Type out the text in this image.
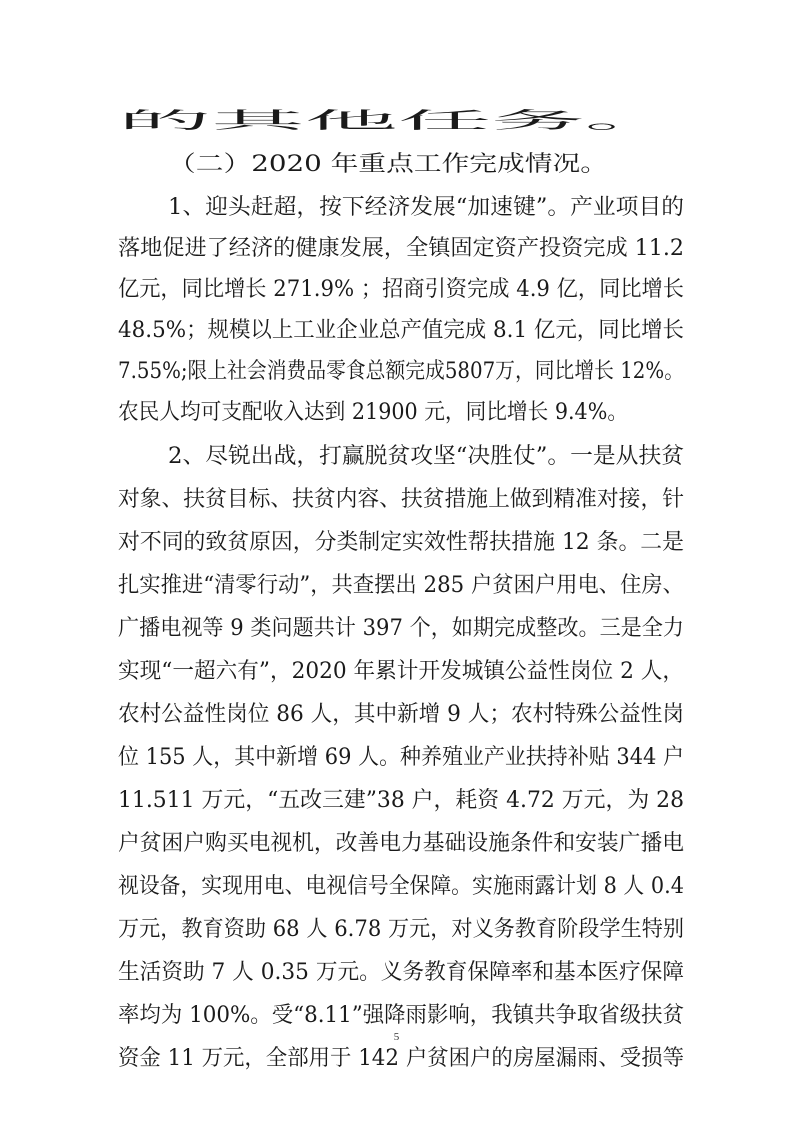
的其他任务。
（二）2020 年重点工作完成情况。
1、迎头赶超，按下经济发展“加速键”。产业项目的
落地促进了经济的健康发展，全镇固定资产投资完成 11.2
亿元，同比增长 271.9% ；招商引资完成 4.9 亿，同比增长
48.5%；规模以上工业企业总产值完成 8.1 亿元，同比增长
7.55%;限上社会消费品零食总额完成5807万，同比增长 12%。
农民人均可支配收入达到 21900 元，同比增长 9.4%。
2、尽锐出战，打赢脱贫攻坚“决胜仗”。一是从扶贫
对象、扶贫目标、扶贫内容、扶贫措施上做到精准对接，针
对不同的致贫原因，分类制定实效性帮扶措施 12 条。二是
扎实推进“清零行动”，共查摆出 285 户贫困户用电、住房、
广播电视等 9 类问题共计 397 个，如期完成整改。三是全力
实现“一超六有”，2020 年累计开发城镇公益性岗位 2 人，
农村公益性岗位 86 人，其中新增 9 人；农村特殊公益性岗
位 155 人，其中新增 69 人。种养殖业产业扶持补贴 344 户
11.511 万元，“五改三建”38 户，耗资 4.72 万元，为 28
户贫困户购买电视机，改善电力基础设施条件和安装广播电
视设备，实现用电、电视信号全保障。实施雨露计划 8 人 0.4
万元，教育资助 68 人 6.78 万元，对义务教育阶段学生特别
生活资助 7 人 0.35 万元。义务教育保障率和基本医疗保障
率均为 100%。受“8.11”强降雨影响，我镇共争取省级扶贫
资金 11 万元，全部用于 142 户贫困户的房屋漏雨、受损等
5
